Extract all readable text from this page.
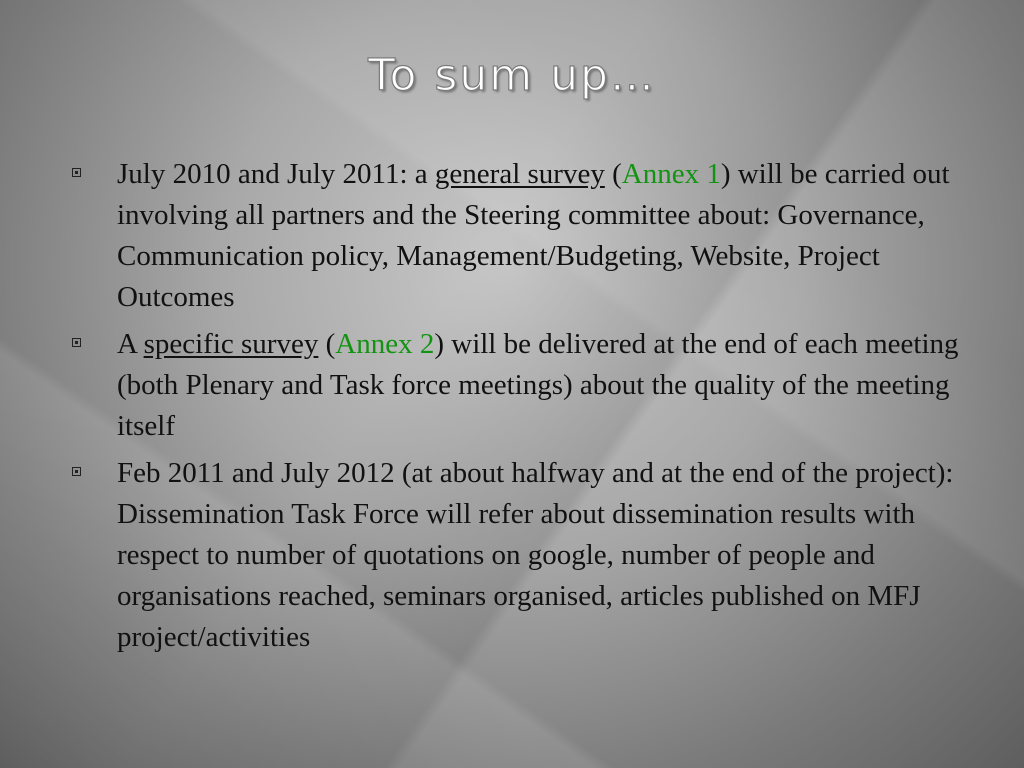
To sum up…
July 2010 and July 2011: a general survey (Annex 1) will be carried out involving all partners and the Steering committee about: Governance, Communication policy, Management/Budgeting, Website, Project Outcomes
A specific survey (Annex 2) will be delivered at the end of each meeting (both Plenary and Task force meetings) about the quality of the meeting itself
Feb 2011 and July 2012 (at about halfway and at the end of the project): Dissemination Task Force will refer about dissemination results with respect to number of quotations on google, number of people and organisations reached, seminars organised, articles published on MFJ project/activities
